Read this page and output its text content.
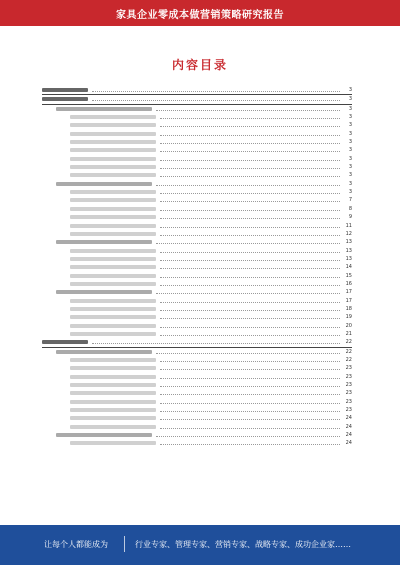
家具企业零成本做营销策略研究报告
内容目录
3
3
3
3
3
3
3
3
3
3
3
3
3
7
8
9
11
12
13
13
13
14
15
16
17
17
18
19
20
21
22
22
22
23
23
23
23
23
23
24
24
24
24
让每个人都能成为	行业专家、管理专家、营销专家、战略专家、成功企业家……
